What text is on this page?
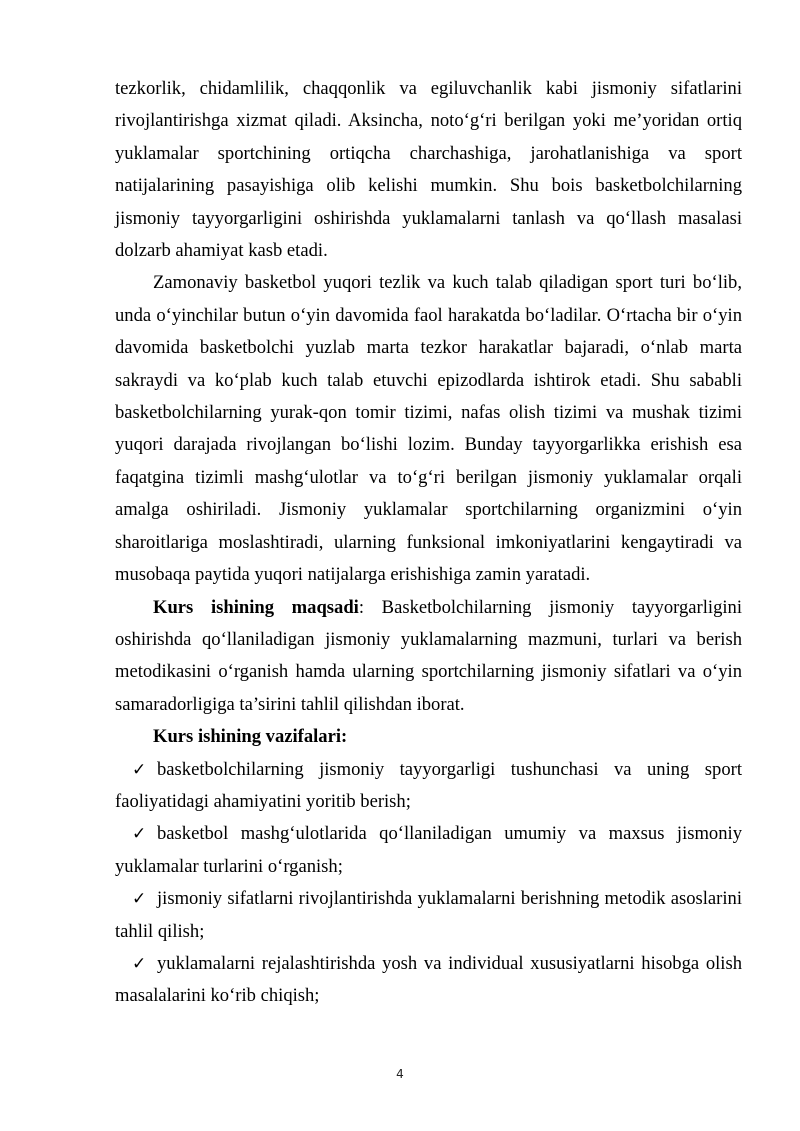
tezkorlik, chidamlilik, chaqqonlik va egiluvchanlik kabi jismoniy sifatlarini rivojlantirishga xizmat qiladi. Aksincha, noto‘g‘ri berilgan yoki me’yoridan ortiq yuklamalar sportchining ortiqcha charchashiga, jarohatlanishiga va sport natijalarining pasayishiga olib kelishi mumkin. Shu bois basketbolchilarning jismoniy tayyorgarligini oshirishda yuklamalarni tanlash va qo‘llash masalasi dolzarb ahamiyat kasb etadi.

Zamonaviy basketbol yuqori tezlik va kuch talab qiladigan sport turi bo‘lib, unda o‘yinchilar butun o‘yin davomida faol harakatda bo‘ladilar. O‘rtacha bir o‘yin davomida basketbolchi yuzlab marta tezkor harakatlar bajaradi, o‘nlab marta sakraydi va ko‘plab kuch talab etuvchi epizodlarda ishtirok etadi. Shu sababli basketbolchilarning yurak-qon tomir tizimi, nafas olish tizimi va mushak tizimi yuqori darajada rivojlangan bo‘lishi lozim. Bunday tayyorgarlikka erishish esa faqatgina tizimli mashg‘ulotlar va to‘g‘ri berilgan jismoniy yuklamalar orqali amalga oshiriladi. Jismoniy yuklamalar sportchilarning organizmini o‘yin sharoitlariga moslashtiradi, ularning funksional imkoniyatlarini kengaytiradi va musobaqa paytida yuqori natijalarga erishishiga zamin yaratadi.

Kurs ishining maqsadi: Basketbolchilarning jismoniy tayyorgarligini oshirishda qo‘llaniladigan jismoniy yuklamalarning mazmuni, turlari va berish metodikasini o‘rganish hamda ularning sportchilarning jismoniy sifatlari va o‘yin samaradorligiga ta’sirini tahlil qilishdan iborat.

Kurs ishining vazifalari:

✓ basketbolchilarning jismoniy tayyorgarligi tushunchasi va uning sport faoliyatidagi ahamiyatini yoritib berish;

✓ basketbol mashg‘ulotlarida qo‘llaniladigan umumiy va maxsus jismoniy yuklamalar turlarini o‘rganish;

✓ jismoniy sifatlarni rivojlantirishda yuklamalarni berishning metodik asoslarini tahlil qilish;

✓ yuklamalarni rejalashtirishda yosh va individual xususiyatlarni hisobga olish masalalarini ko‘rib chiqish;

4
